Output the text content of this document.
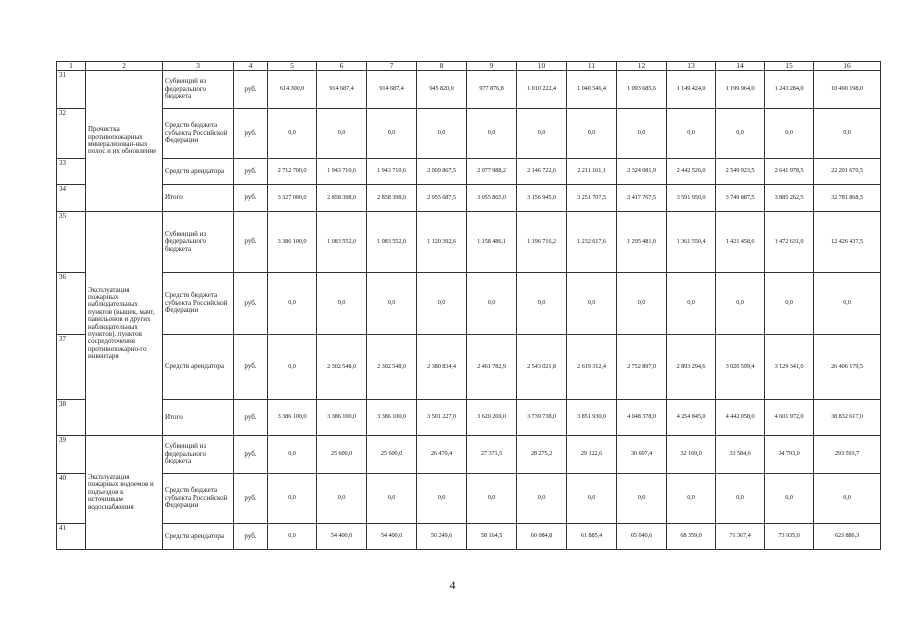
1	2	3	4	5	6	7	8	9	10	11	12	13	14	15	16
31	Прочистка противопожарных минерализован-ных полос и их обновление	Субвенций из федерального бюджета	руб.	614 300,0	914 687,4	914 687,4	945 820,0	977 876,8	1 010 222,4	1 040 546,4	1 093 685,6	1 149 424,0	1 199 964,0	1 243 284,0	10 490 198,0
32		Средств бюджета субъекта Российской Федерации	руб.	0,0	0,0	0,0	0,0	0,0	0,0	0,0	0,0	0,0	0,0	0,0	0,0
33		Средств арендатора	руб.	2 712 700,0	1 943 710,6	1 943 710,6	2 009 867,5	2 077 988,2	2 146 722,6	2 211 161,1	2 324 081,9	2 442 526,0	2 549 923,5	2 641 978,5	22 291 670,5
34		Итого	руб.	3 327 000,0	2 858 398,0	2 858 398,0	2 955 687,5	3 055 865,0	3 156 945,0	3 251 707,5	3 417 767,5	3 591 950,0	3 749 887,5	3 885 262,5	32 781 868,5
35	Эксплуатация пожарных наблюдательных пунктов (вышек, мачт, павильонов и других наблюдательных пунктов), пунктов сосредоточения противопожарно-го инвентаря	Субвенций из федерального бюджета	руб.	3 386 100,0	1 083 552,0	1 083 552,0	1 120 392,6	1 158 486,1	1 196 716,2	1 232 617,6	1 295 481,0	1 361 550,4	1 421 458,6	1 472 631,0	12 426 437,5
36		Средств бюджета субъекта Российской Федерации	руб.	0,0	0,0	0,0	0,0	0,0	0,0	0,0	0,0	0,0	0,0	0,0	0,0
37		Средств арендатора	руб.	0,0	2 302 548,0	2 302 548,0	2 380 834,4	2 461 782,9	2 543 021,8	2 619 312,4	2 752 897,0	2 893 294,6	3 020 599,4	3 129 341,0	26 406 179,5
38		Итого	руб.	3 386 100,0	3 386 100,0	3 386 100,0	3 501 227,0	3 620 269,0	3 739 738,0	3 851 930,0	4 048 378,0	4 254 845,0	4 442 058,0	4 601 972,0	38 832 617,0
39	Эксплуатация пожарных водоемов и подъездов к источникам водоснабжения	Субвенций из федерального бюджета	руб.	0,0	25 600,0	25 600,0	26 470,4	27 371,5	28 275,2	29 122,6	30 607,4	32 169,0	33 584,6	34 793,0	293 593,7
40		Средств бюджета субъекта Российской Федерации	руб.	0,0	0,0	0,0	0,0	0,0	0,0	0,0	0,0	0,0	0,0	0,0	0,0
41		Средств арендатора	руб.	0,0	54 400,0	54 400,0	56 249,6	58 164,5	60 084,8	61 885,4	65 040,6	68 359,0	71 367,4	73 935,0	623 886,3
4
